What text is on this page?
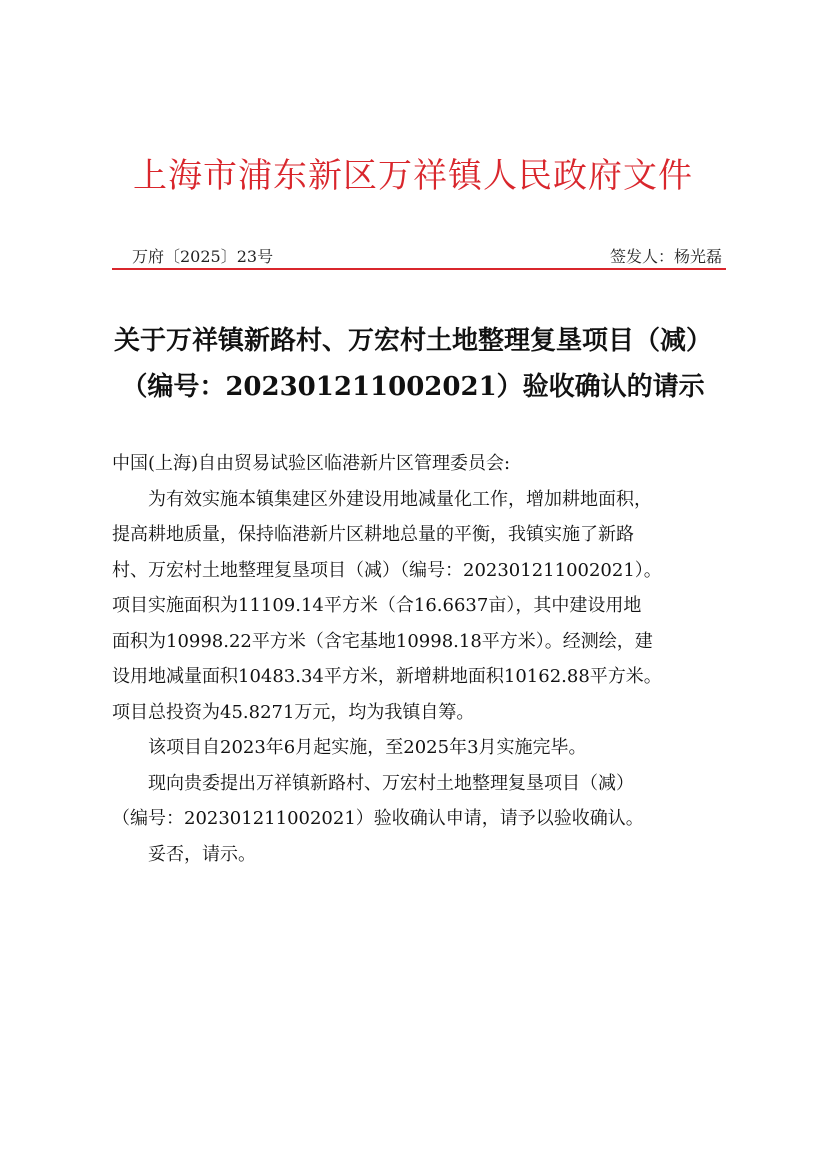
上海市浦东新区万祥镇人民政府文件
万府〔2025〕23号	签发人：杨光磊
关于万祥镇新路村、万宏村土地整理复垦项目（减）
（编号：202301211002021）验收确认的请示
中国(上海)自由贸易试验区临港新片区管理委员会:
为有效实施本镇集建区外建设用地减量化工作，增加耕地面积，
提高耕地质量，保持临港新片区耕地总量的平衡，我镇实施了新路
村、万宏村土地整理复垦项目（减）（编号：202301211002021）。
项目实施面积为11109.14平方米（合16.6637亩），其中建设用地
面积为10998.22平方米（含宅基地10998.18平方米）。经测绘，建
设用地减量面积10483.34平方米，新增耕地面积10162.88平方米。
项目总投资为45.8271万元，均为我镇自筹。
该项目自2023年6月起实施，至2025年3月实施完毕。
现向贵委提出万祥镇新路村、万宏村土地整理复垦项目（减）
（编号：202301211002021）验收确认申请，请予以验收确认。
妥否，请示。
